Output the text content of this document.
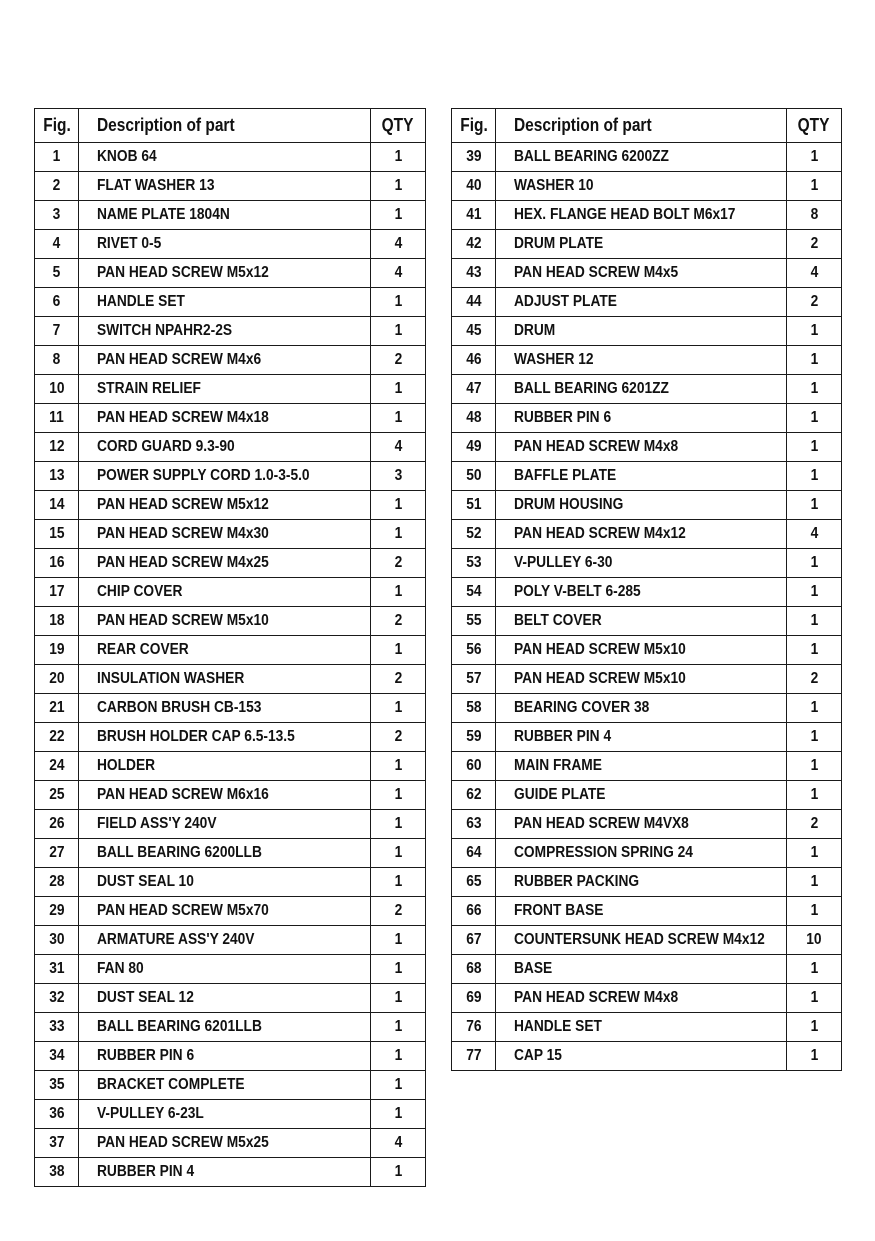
Fig.	Description of part	QTY
1	KNOB 64	1
2	FLAT WASHER 13	1
3	NAME PLATE 1804N	1
4	RIVET 0-5	4
5	PAN HEAD SCREW M5x12	4
6	HANDLE SET	1
7	SWITCH NPAHR2-2S	1
8	PAN HEAD SCREW M4x6	2
10	STRAIN RELIEF	1
11	PAN HEAD SCREW M4x18	1
12	CORD GUARD 9.3-90	4
13	POWER SUPPLY CORD 1.0-3-5.0	3
14	PAN HEAD SCREW M5x12	1
15	PAN HEAD SCREW M4x30	1
16	PAN HEAD SCREW M4x25	2
17	CHIP COVER	1
18	PAN HEAD SCREW M5x10	2
19	REAR COVER	1
20	INSULATION WASHER	2
21	CARBON BRUSH CB-153	1
22	BRUSH HOLDER CAP 6.5-13.5	2
24	HOLDER	1
25	PAN HEAD SCREW M6x16	1
26	FIELD ASS'Y 240V	1
27	BALL BEARING 6200LLB	1
28	DUST SEAL 10	1
29	PAN HEAD SCREW M5x70	2
30	ARMATURE ASS'Y 240V	1
31	FAN 80	1
32	DUST SEAL 12	1
33	BALL BEARING 6201LLB	1
34	RUBBER PIN 6	1
35	BRACKET COMPLETE	1
36	V-PULLEY 6-23L	1
37	PAN HEAD SCREW M5x25	4
38	RUBBER PIN 4	1
Fig.	Description of part	QTY
39	BALL BEARING 6200ZZ	1
40	WASHER 10	1
41	HEX. FLANGE HEAD BOLT M6x17	8
42	DRUM PLATE	2
43	PAN HEAD SCREW M4x5	4
44	ADJUST PLATE	2
45	DRUM	1
46	WASHER 12	1
47	BALL BEARING 6201ZZ	1
48	RUBBER PIN 6	1
49	PAN HEAD SCREW M4x8	1
50	BAFFLE PLATE	1
51	DRUM HOUSING	1
52	PAN HEAD SCREW M4x12	4
53	V-PULLEY 6-30	1
54	POLY V-BELT 6-285	1
55	BELT COVER	1
56	PAN HEAD SCREW M5x10	1
57	PAN HEAD SCREW M5x10	2
58	BEARING COVER 38	1
59	RUBBER PIN 4	1
60	MAIN FRAME	1
62	GUIDE PLATE	1
63	PAN HEAD SCREW M4VX8	2
64	COMPRESSION SPRING 24	1
65	RUBBER PACKING	1
66	FRONT BASE	1
67	COUNTERSUNK HEAD SCREW M4x12	10
68	BASE	1
69	PAN HEAD SCREW M4x8	1
76	HANDLE SET	1
77	CAP 15	1
